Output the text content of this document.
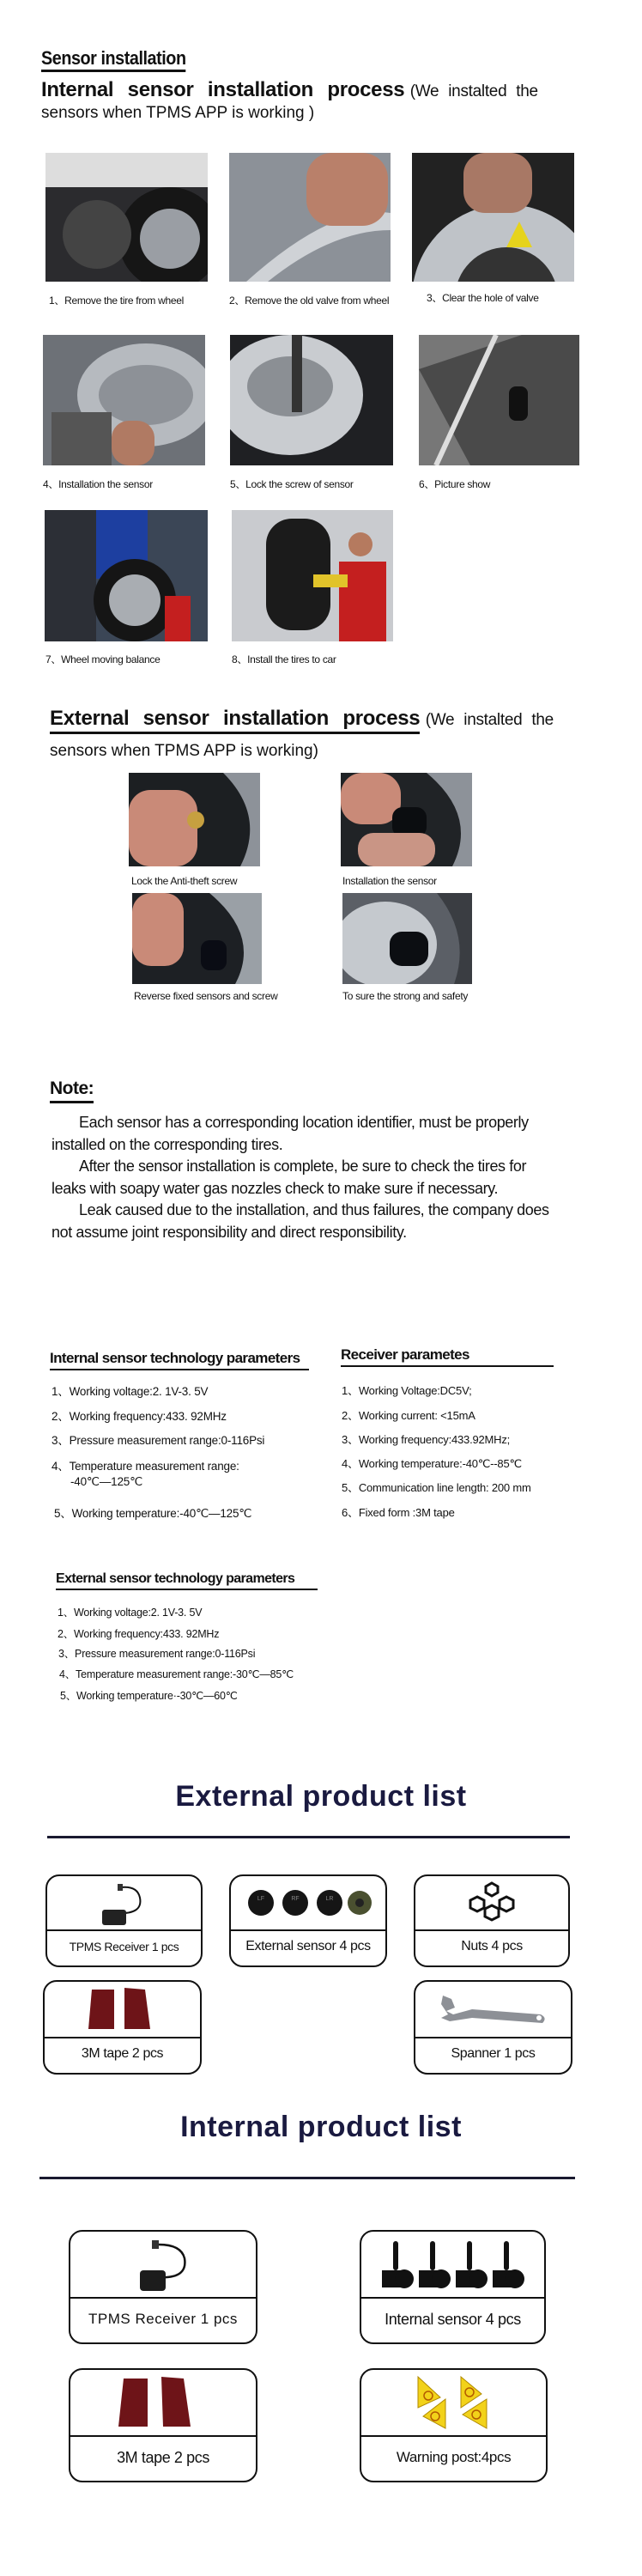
Sensor installation
Internal sensor installation process (We instalted the
sensors when TPMS APP is working )
1、Remove the tire from wheel	2、Remove the old valve from wheel	3、Clear the hole of valve
4、Installation the sensor	5、Lock the screw of sensor	6、Picture show
7、Wheel moving balance	8、Install the tires to car
External sensor installation process (We instalted the
sensors when TPMS APP is working)
Lock the Anti-theft screw	Installation the sensor
Reverse fixed sensors and screw	To sure the strong and safety
Note:

Each sensor has a corresponding location identifier, must be properly installed on the corresponding tires.

After the sensor installation is complete, be sure to check the tires for leaks with soapy water gas nozzles check to make sure if necessary.

Leak caused due to the installation, and thus failures, the company does not assume joint responsibility and direct responsibility.

Internal sensor technology parameters
1、Working voltage:2. 1V-3. 5V
2、Working frequency:433. 92MHz
3、Pressure measurement range:0-116Psi
4、Temperature measurement range:
-40℃—125℃
5、Working temperature:-40℃—125℃
Receiver parametes
1、Working Voltage:DC5V;
2、Working current: <15mA
3、Working frequency:433.92MHz;
4、Working temperature:-40℃--85℃
5、Communication line length: 200 mm
6、Fixed form :3M tape
External sensor technology parameters
1、Working voltage:2. 1V-3. 5V
2、Working frequency:433. 92MHz
3、Pressure measurement range:0-116Psi
4、Temperature measurement range:-30℃—85℃
5、Working temperature·-30℃—60℃
External product list
TPMS Receiver 1 pcs
LF	RF	LR
External sensor 4 pcs	Nuts 4 pcs
3M tape 2 pcs	Spanner 1 pcs
Internal product list
TPMS Receiver 1 pcs	Internal sensor 4 pcs
3M tape 2 pcs	Warning post:4pcs
